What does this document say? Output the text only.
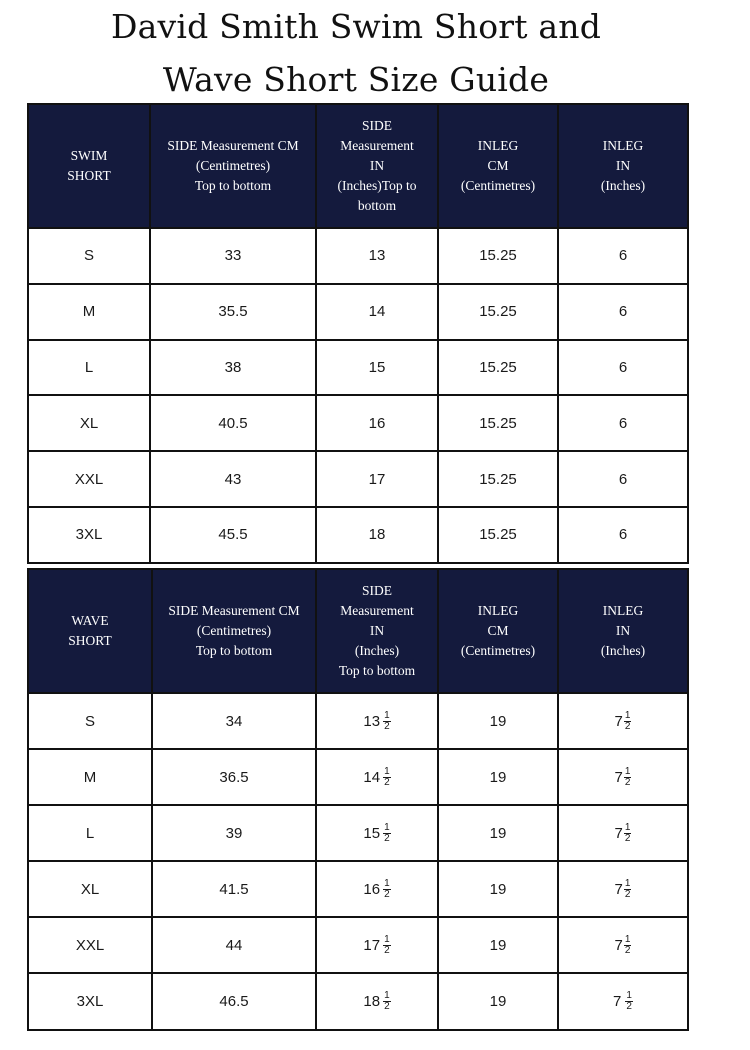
David Smith Swim Short and
Wave Short Size Guide
SWIM
SHORT	SIDE Measurement CM
(Centimetres)
Top to bottom	SIDE
Measurement
IN
(Inches)Top to
bottom	INLEG
CM
(Centimetres)	INLEG
IN
(Inches)

S	33	13	15.25	6
M	35.5	14	15.25	6
L	38	15	15.25	6
XL	40.5	16	15.25	6
XXL	43	17	15.25	6
3XL	45.5	18	15.25	6
WAVE
SHORT	SIDE Measurement CM
(Centimetres)
Top to bottom	SIDE
Measurement
IN
(Inches)
Top to bottom	INLEG
CM
(Centimetres)	INLEG
IN
(Inches)

S	34	$13 \frac{1}{2}$	19	$7 \frac{1}{2}$

M	36.5	$14 \frac{1}{2}$	19	$7 \frac{1}{2}$

L	39	$15 \frac{1}{2}$	19	$7 \frac{1}{2}$

XL	41.5	$16 \frac{1}{2}$	19	$7 \frac{1}{2}$

XXL	44	$17 \frac{1}{2}$	19	$7 \frac{1}{2}$

3XL	46.5	$18 \frac{1}{2}$	19	$7 \frac{1}{2}$
